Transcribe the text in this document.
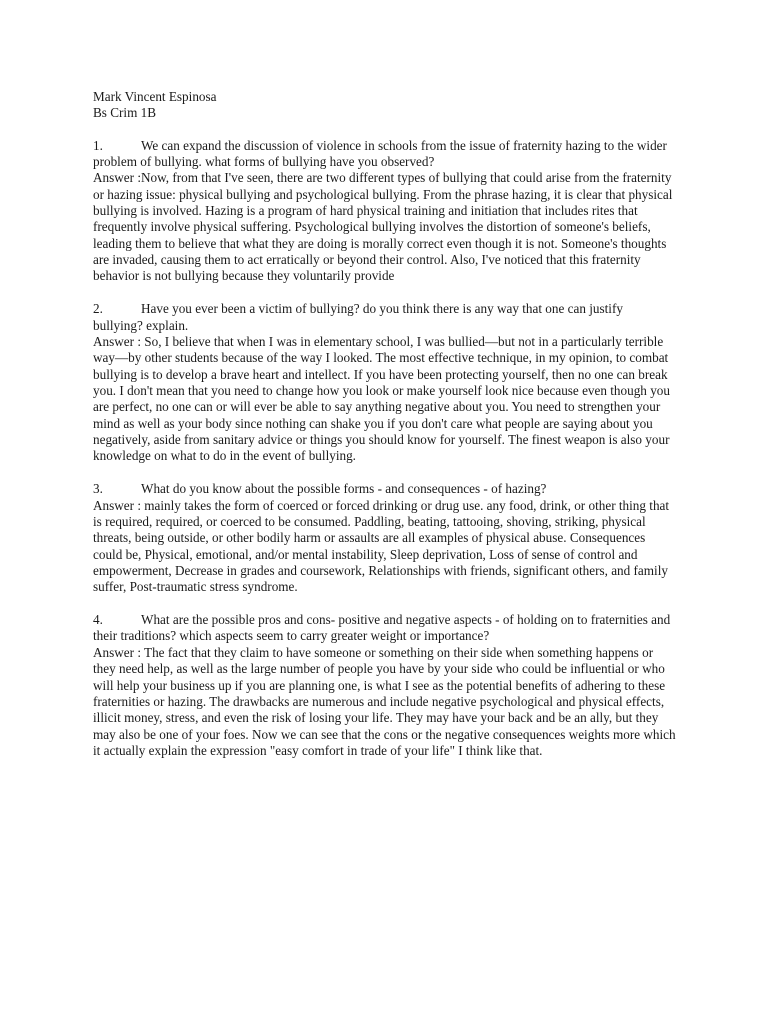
Mark Vincent Espinosa
Bs Crim 1B
1.	We can expand the discussion of violence in schools from the issue of fraternity hazing to the wider problem of bullying. what forms of bullying have you observed?
Answer :Now, from that I've seen, there are two different types of bullying that could arise from the fraternity or hazing issue: physical bullying and psychological bullying. From the phrase hazing, it is clear that physical bullying is involved. Hazing is a program of hard physical training and initiation that includes rites that frequently involve physical suffering. Psychological bullying involves the distortion of someone's beliefs, leading them to believe that what they are doing is morally correct even though it is not. Someone's thoughts are invaded, causing them to act erratically or beyond their control. Also, I've noticed that this fraternity behavior is not bullying because they voluntarily provide
2.	Have you ever been a victim of bullying? do you think there is any way that one can justify bullying? explain.
Answer : So, I believe that when I was in elementary school, I was bullied—but not in a particularly terrible way—by other students because of the way I looked. The most effective technique, in my opinion, to combat bullying is to develop a brave heart and intellect. If you have been protecting yourself, then no one can break you. I don't mean that you need to change how you look or make yourself look nice because even though you are perfect, no one can or will ever be able to say anything negative about you. You need to strengthen your mind as well as your body since nothing can shake you if you don't care what people are saying about you negatively, aside from sanitary advice or things you should know for yourself. The finest weapon is also your knowledge on what to do in the event of bullying.
3.	What do you know about the possible forms - and consequences - of hazing?
Answer : mainly takes the form of coerced or forced drinking or drug use. any food, drink, or other thing that is required, required, or coerced to be consumed. Paddling, beating, tattooing, shoving, striking, physical threats, being outside, or other bodily harm or assaults are all examples of physical abuse. Consequences could be, Physical, emotional, and/or mental instability, Sleep deprivation, Loss of sense of control and empowerment, Decrease in grades and coursework, Relationships with friends, significant others, and family suffer, Post-traumatic stress syndrome.
4.	What are the possible pros and cons- positive and negative aspects - of holding on to fraternities and their traditions? which aspects seem to carry greater weight or importance?
Answer : The fact that they claim to have someone or something on their side when something happens or they need help, as well as the large number of people you have by your side who could be influential or who will help your business up if you are planning one, is what I see as the potential benefits of adhering to these fraternities or hazing. The drawbacks are numerous and include negative psychological and physical effects, illicit money, stress, and even the risk of losing your life. They may have your back and be an ally, but they may also be one of your foes. Now we can see that the cons or the negative consequences weights more which it actually explain the expression "easy comfort in trade of your life" I think like that.
